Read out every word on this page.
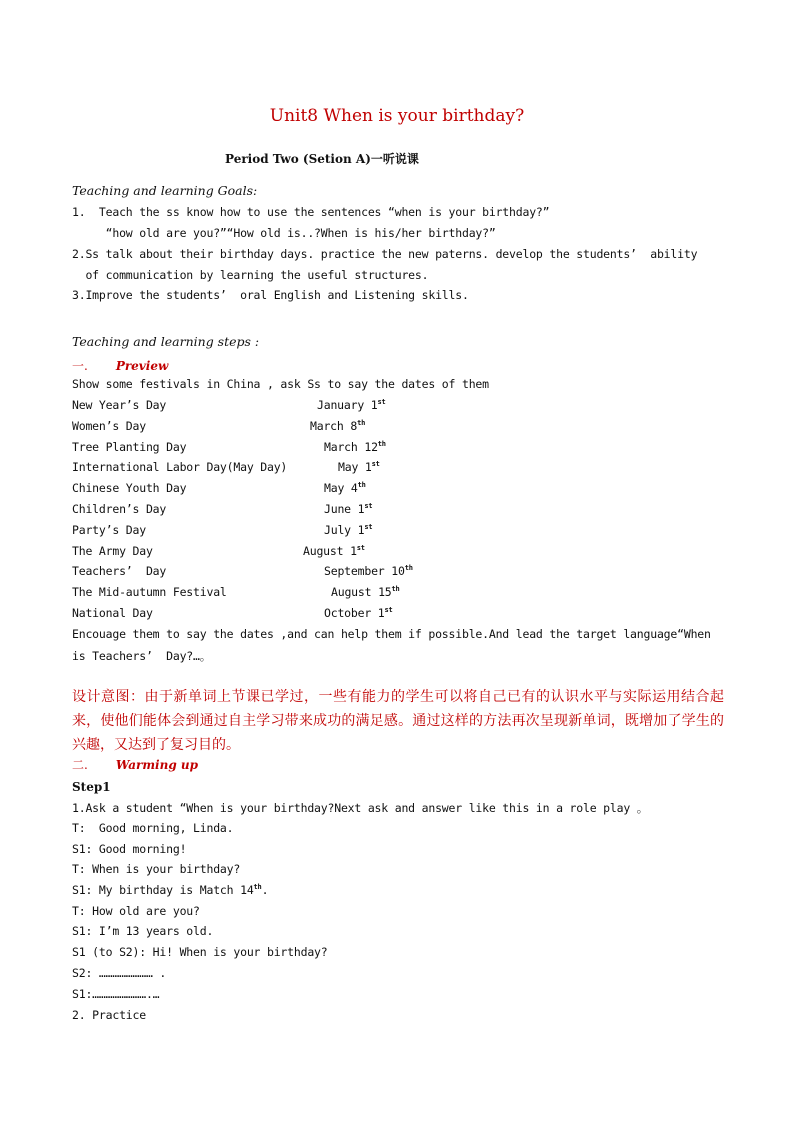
Unit8 When is your birthday?
Period Two (Setion A)一听说课
Teaching and learning Goals:
1.  Teach the ss know how to use the sentences “when is your birthday?”
“how old are you?”“How old is..?When is his/her birthday?”
2.Ss talk about their birthday days. practice the new paterns. develop the students’  ability
of communication by learning the useful structures.
3.Improve the students’  oral English and Listening skills.
Teaching and learning steps :
一. Preview
Show some festivals in China , ask Ss to say the dates of them
New Year’s Day	January 1st
Women’s Day	March 8th
Tree Planting Day	March 12th
International Labor Day(May Day)	May 1st
Chinese Youth Day	May 4th
Children’s Day	June 1st
Party’s Day	July 1st
The Army Day	August 1st
Teachers’  Day	September 10th
The Mid-autumn Festival	August 15th
National Day	October 1st
Encouage them to say the dates ,and can help them if possible.And lead the target language“When
is Teachers’  Day?…。
设计意图：由于新单词上节课已学过，一些有能力的学生可以将自己已有的认识水平与实际运用结合起来，使他们能体会到通过自主学习带来成功的满足感。通过这样的方法再次呈现新单词，既增加了学生的兴趣，又达到了复习目的。
二. Warming up
Step1
1.Ask a student “When is your birthday?Next ask and answer like this in a role play 。
T:  Good morning, Linda.
S1: Good morning!
T: When is your birthday?
S1: My birthday is Match 14th.
T: How old are you?
S1: I’m 13 years old.
S1 (to S2): Hi! When is your birthday?
S2: …………………… .
S1:…………………….…
2. Practice
